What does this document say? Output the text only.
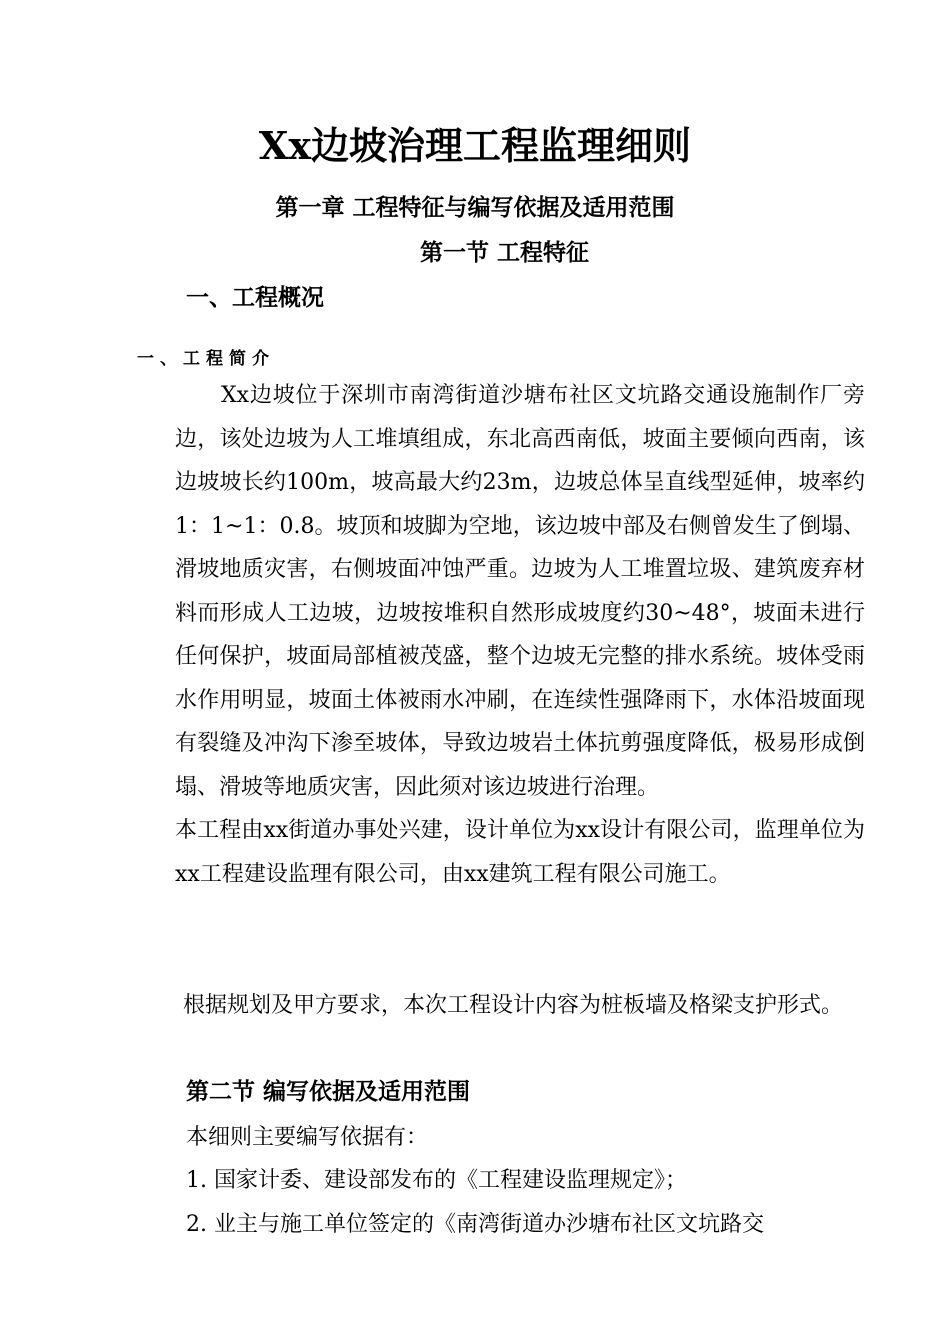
Xx边坡治理工程监理细则
第一章 工程特征与编写依据及适用范围
第一节 工程特征
一、工程概况
一、工程简介

Xx边坡位于深圳市南湾街道沙塘布社区文坑路交通设施制作厂旁边，该处边坡为人工堆填组成，东北高西南低，坡面主要倾向西南，该边坡坡长约100m，坡高最大约23m，边坡总体呈直线型延伸，坡率约1：1~1：0.8。坡顶和坡脚为空地，该边坡中部及右侧曾发生了倒塌、滑坡地质灾害，右侧坡面冲蚀严重。边坡为人工堆置垃圾、建筑废弃材料而形成人工边坡，边坡按堆积自然形成坡度约30~48°，坡面未进行任何保护，坡面局部植被茂盛，整个边坡无完整的排水系统。坡体受雨水作用明显，坡面土体被雨水冲刷，在连续性强降雨下，水体沿坡面现有裂缝及冲沟下渗至坡体，导致边坡岩土体抗剪强度降低，极易形成倒塌、滑坡等地质灾害，因此须对该边坡进行治理。

本工程由xx街道办事处兴建，设计单位为xx设计有限公司，监理单位为xx工程建设监理有限公司，由xx建筑工程有限公司施工。

根据规划及甲方要求，本次工程设计内容为桩板墙及格梁支护形式。

第二节 编写依据及适用范围
本细则主要编写依据有：
1. 国家计委、建设部发布的《工程建设监理规定》；
2. 业主与施工单位签定的《南湾街道办沙塘布社区文坑路交
